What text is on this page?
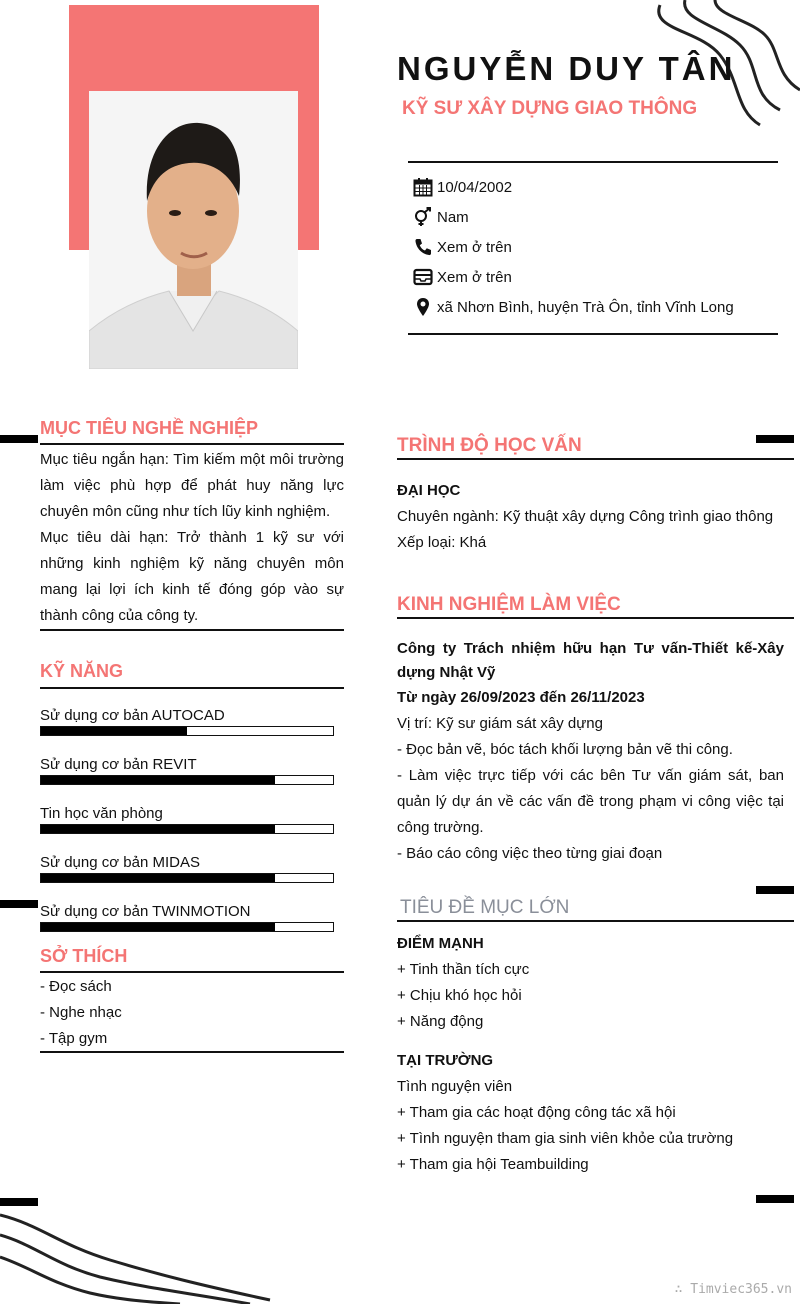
NGUYỄN DUY TÂN
KỸ SƯ XÂY DỰNG GIAO THÔNG
10/04/2002
Nam
Xem ở trên
Xem ở trên
xã Nhơn Bình, huyện Trà Ôn, tỉnh Vĩnh Long
MỤC TIÊU NGHỀ NGHIỆP
Mục tiêu ngắn hạn: Tìm kiếm một môi trường làm việc phù hợp để phát huy năng lực chuyên môn cũng như tích lũy kinh nghiệm.
Mục tiêu dài hạn: Trở thành 1 kỹ sư với những kinh nghiệm kỹ năng chuyên môn mang lại lợi ích kinh tế đóng góp vào sự thành công của công ty.
KỸ NĂNG
Sử dụng cơ bản AUTOCAD
Sử dụng cơ bản REVIT
Tin học văn phòng
Sử dụng cơ bản MIDAS
Sử dụng cơ bản TWINMOTION
SỞ THÍCH
- Đọc sách
- Nghe nhạc
- Tập gym
TRÌNH ĐỘ HỌC VẤN
ĐẠI HỌC
Chuyên ngành: Kỹ thuật xây dựng Công trình giao thông
Xếp loại: Khá
KINH NGHIỆM LÀM VIỆC
Công ty Trách nhiệm hữu hạn Tư vấn-Thiết kế-Xây dựng Nhật Vỹ
Từ ngày 26/09/2023 đến 26/11/2023
Vị trí: Kỹ sư giám sát xây dựng
- Đọc bản vẽ, bóc tách khối lượng bản vẽ thi công.
- Làm việc trực tiếp với các bên Tư vấn giám sát, ban quản lý dự án về các vấn đề trong phạm vi công việc tại công trường.
- Báo cáo công việc theo từng giai đoạn
TIÊU ĐỀ MỤC LỚN
ĐIỂM MẠNH
+ Tinh thần tích cực
+ Chịu khó học hỏi
+ Năng động
TẠI TRƯỜNG
Tình nguyện viên
+ Tham gia các hoạt động công tác xã hội
+ Tình nguyện tham gia sinh viên khỏe của trường
+ Tham gia hội Teambuilding
∴ Timviec365.vn
